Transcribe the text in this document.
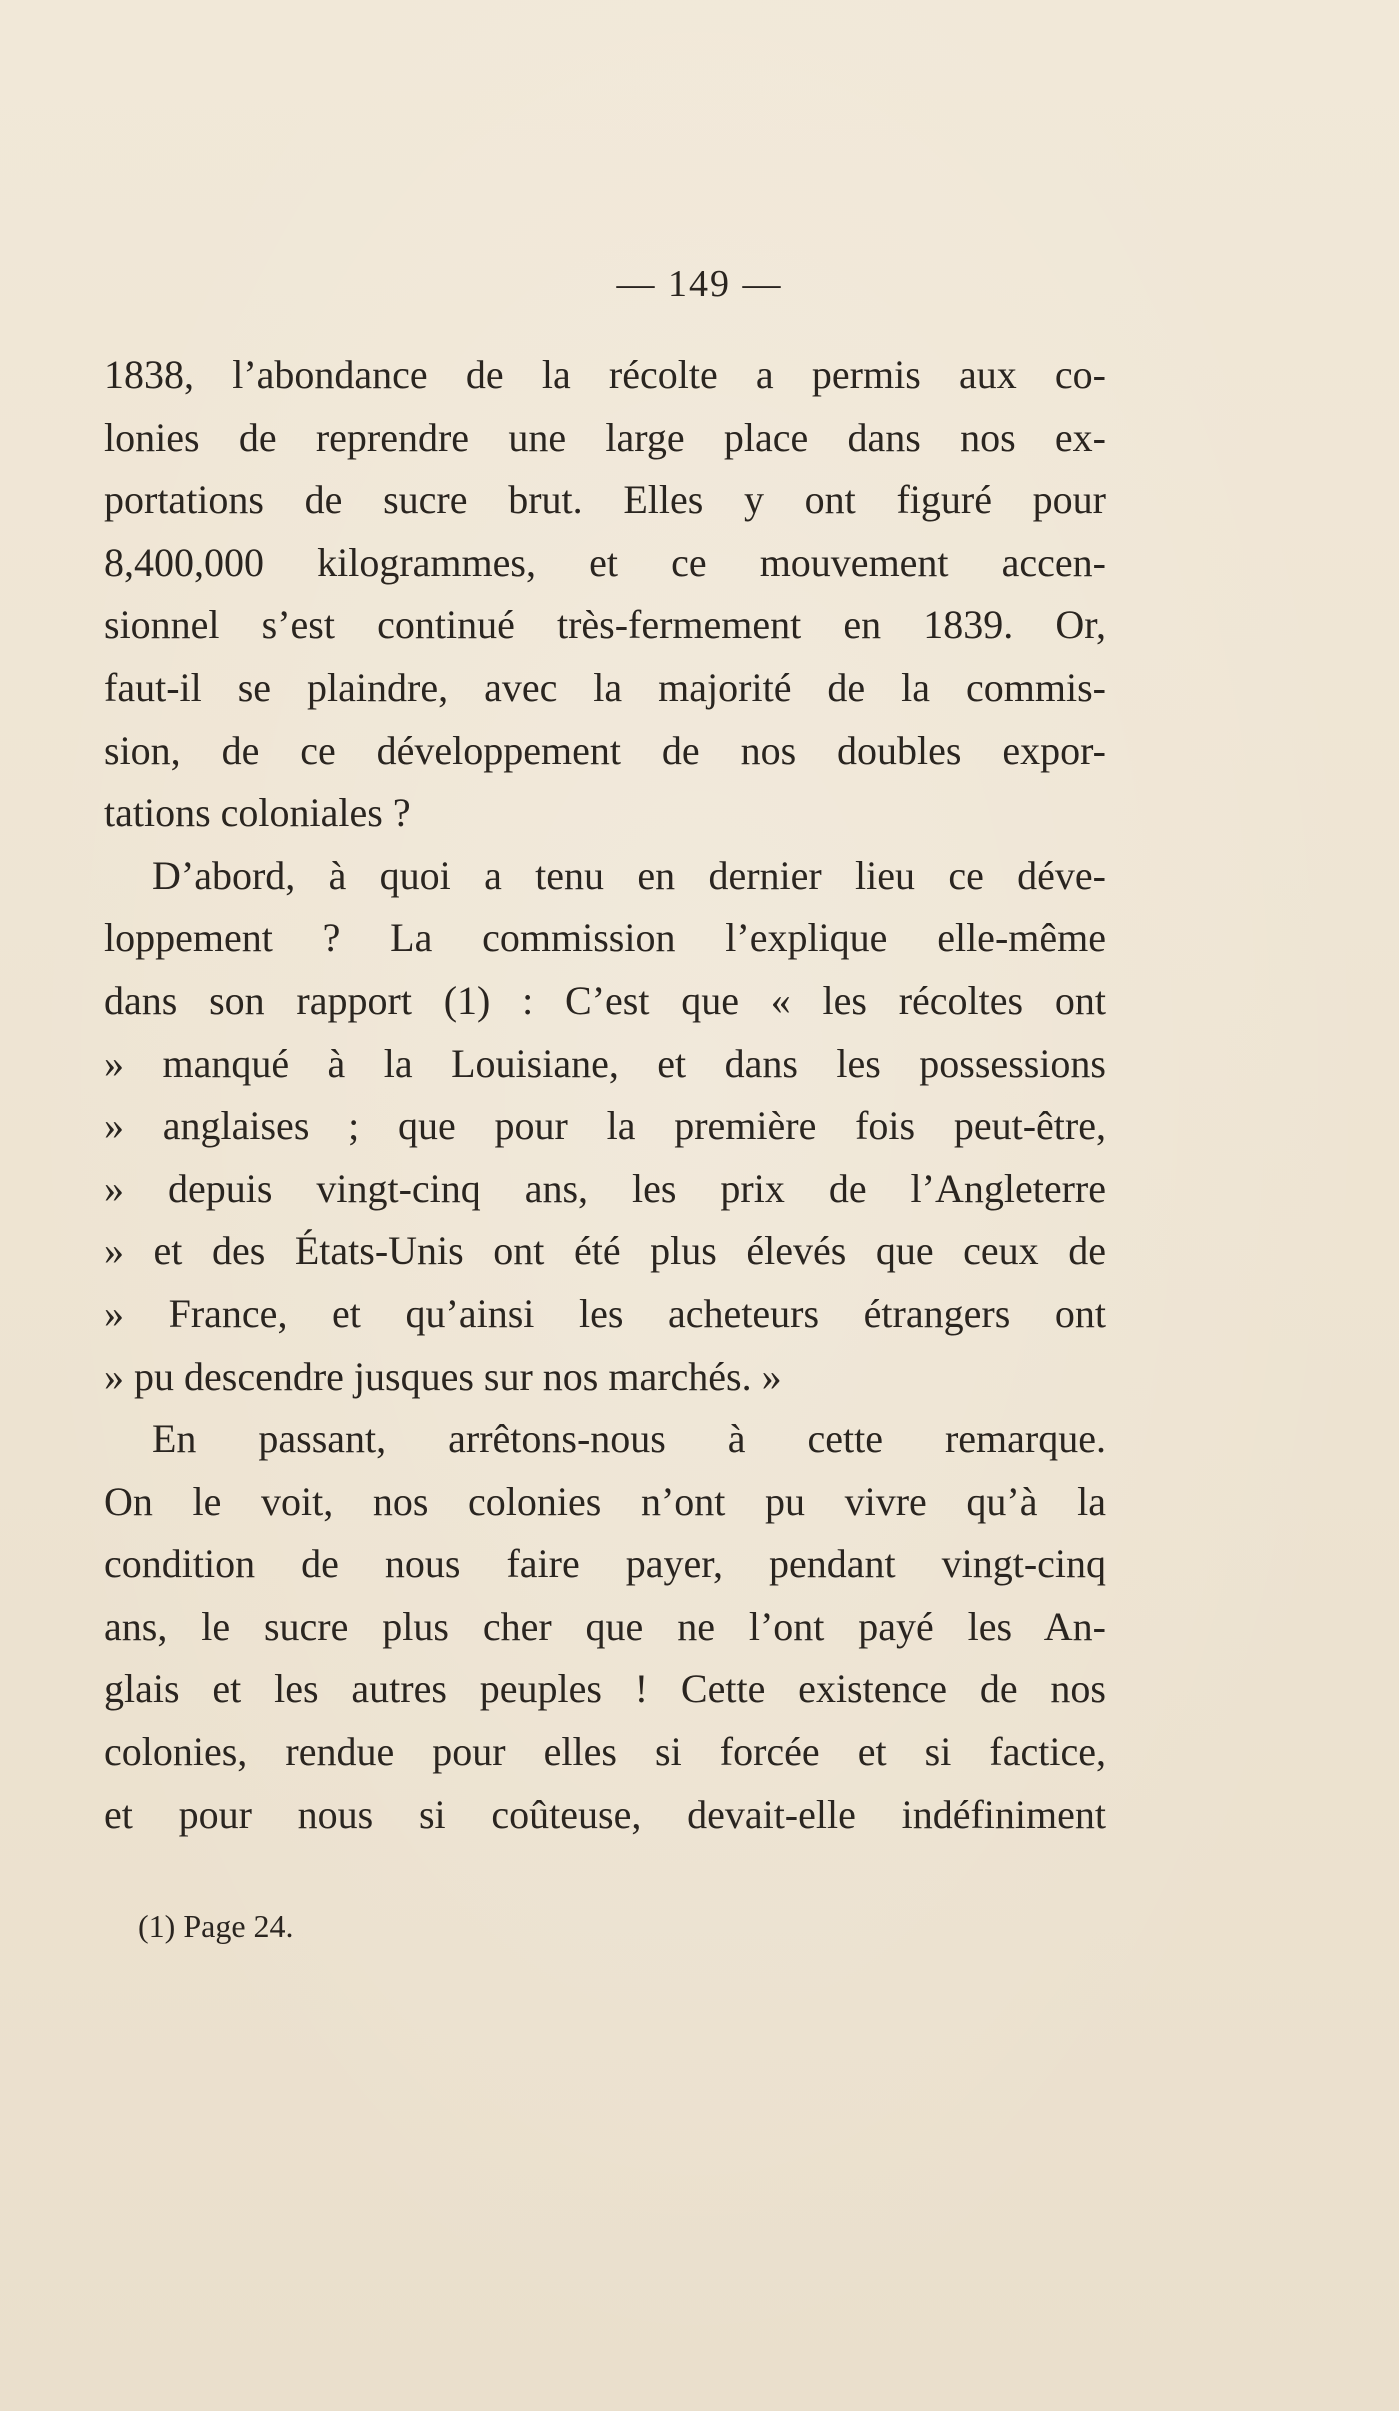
— 149 —
1838, l’abondance de la récolte a permis aux co-
lonies de reprendre une large place dans nos ex-
portations de sucre brut. Elles y ont figuré pour
8,400,000 kilogrammes, et ce mouvement accen-
sionnel s’est continué très-fermement en 1839. Or,
faut-il se plaindre, avec la majorité de la commis-
sion, de ce développement de nos doubles expor-
tations coloniales ?
D’abord, à quoi a tenu en dernier lieu ce déve-
loppement ? La commission l’explique elle-même
dans son rapport (1) : C’est que « les récoltes ont
» manqué à la Louisiane, et dans les possessions
» anglaises ; que pour la première fois peut-être,
» depuis vingt-cinq ans, les prix de l’Angleterre
» et des États-Unis ont été plus élevés que ceux de
» France, et qu’ainsi les acheteurs étrangers ont
» pu descendre jusques sur nos marchés. »
En passant, arrêtons-nous à cette remarque.
On le voit, nos colonies n’ont pu vivre qu’à la
condition de nous faire payer, pendant vingt-cinq
ans, le sucre plus cher que ne l’ont payé les An-
glais et les autres peuples ! Cette existence de nos
colonies, rendue pour elles si forcée et si factice,
et pour nous si coûteuse, devait-elle indéfiniment
(1) Page 24.
